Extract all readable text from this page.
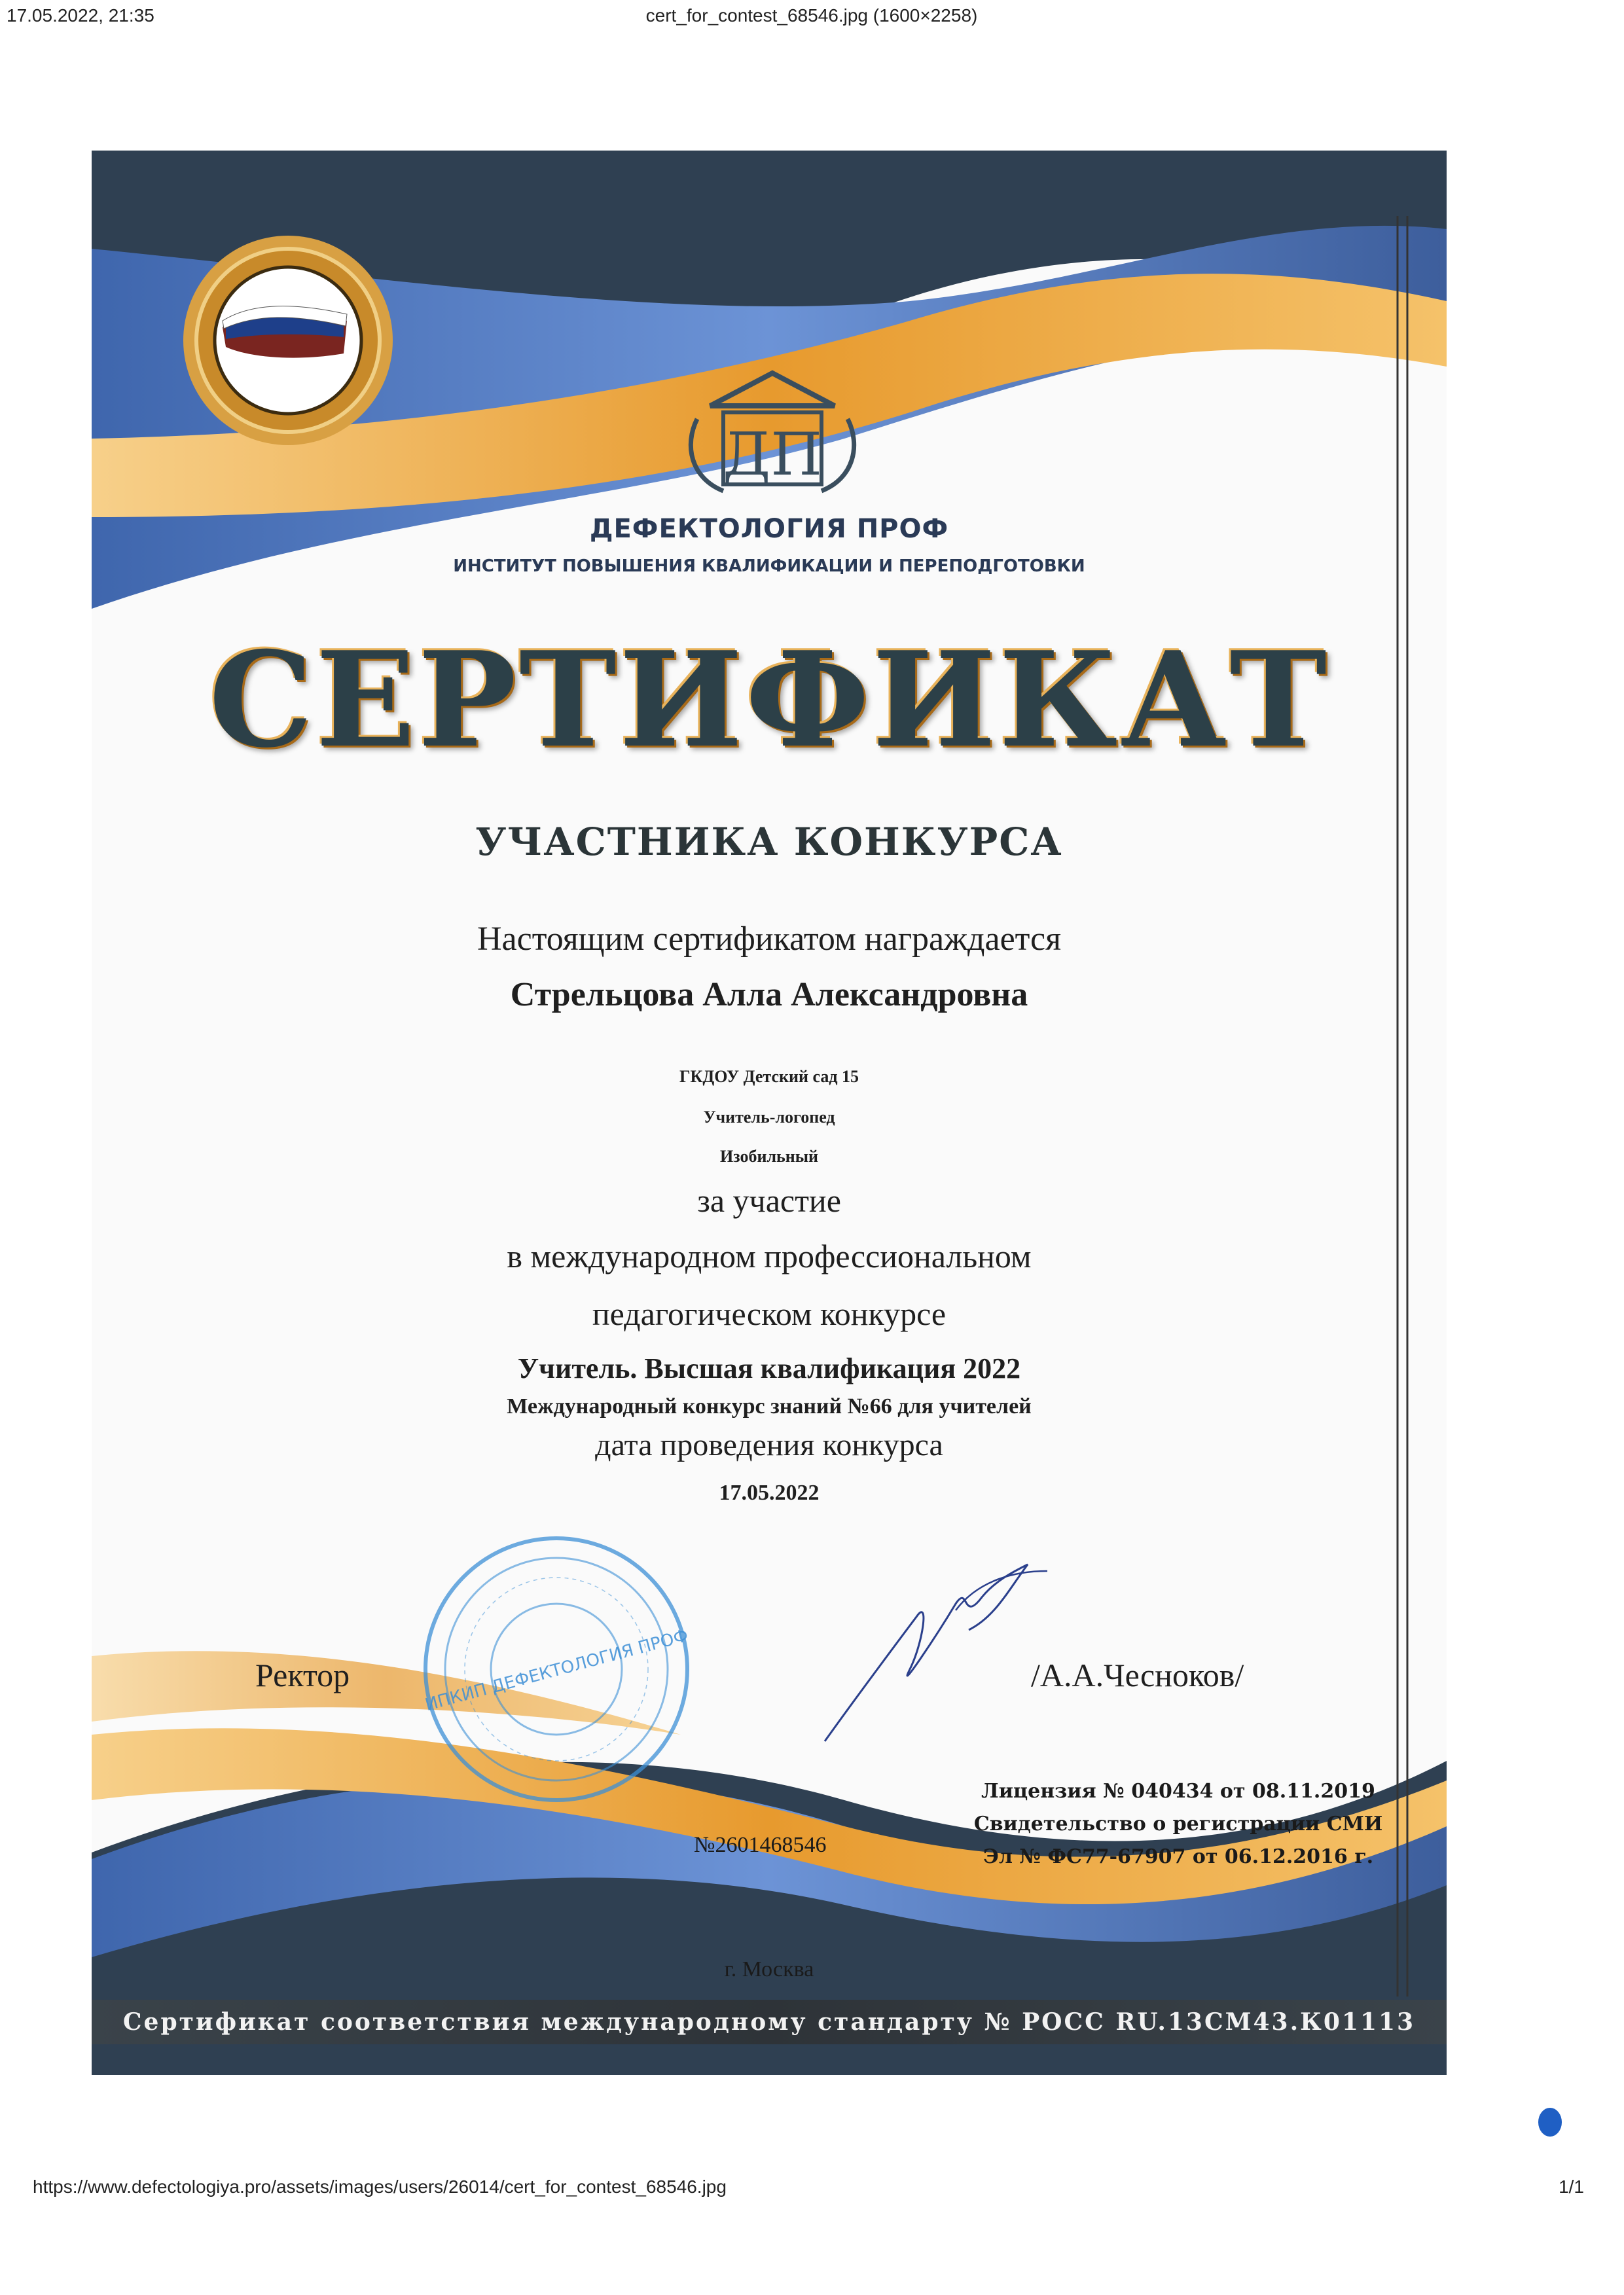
17.05.2022, 21:35	cert_for_contest_68546.jpg (1600×2258)
ДП

ДЕФЕКТОЛОГИЯ ПРОФ

ИНСТИТУТ ПОВЫШЕНИЯ КВАЛИФИКАЦИИ И ПЕРЕПОДГОТОВКИ

СЕРТИФИКАТ

УЧАСТНИКА КОНКУРСА

Настоящим сертификатом награждается

Стрельцова Алла Александровна

ГКДОУ Детский сад 15

Учитель-логопед

Изобильный

за участие

в международном профессиональном

педагогическом конкурсе

Учитель. Высшая квалификация 2022

Международный конкурс знаний №66 для учителей

дата проведения конкурса

17.05.2022

ИПКИП ДЕФЕКТОЛОГИЯ ПРОФ
Ректор	/А.А.Чесноков/
Лицензия № 040434 от 08.11.2019
Свидетельство о регистрации СМИ
Эл № ФС77-67907 от 06.12.2016 г.
№2601468546
г. Москва
Сертификат соответствия международному стандарту № РОСС RU.13СМ43.К01113
https://www.defectologiya.pro/assets/images/users/26014/cert_for_contest_68546.jpg	1/1
